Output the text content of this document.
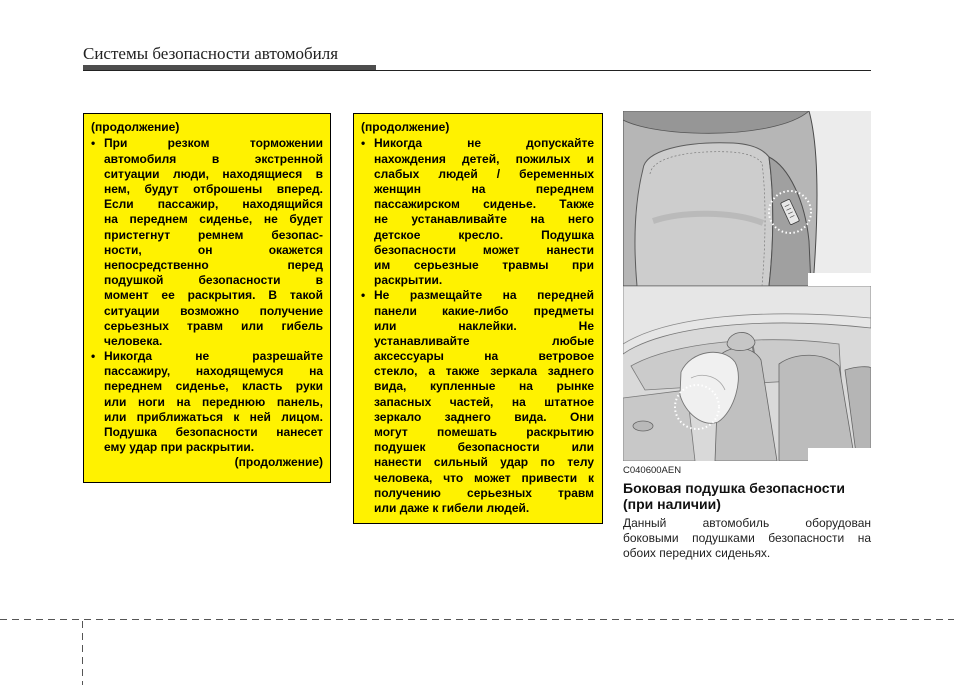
Системы безопасности автомобиля
(продолжение)
• При резком торможении
автомобиля в экстренной
ситуации люди, находящиеся в
нем, будут отброшены вперед.
Если пассажир, находящийся
на переднем сиденье, не будет
пристегнут ремнем безопас-
ности, он окажется
непосредственно перед
подушкой безопасности в
момент ее раскрытия. В такой
ситуации возможно получение
серьезных травм или гибель
человека.
• Никогда не разрешайте
пассажиру, находящемуся на
переднем сиденье, класть руки
или ноги на переднюю панель,
или приближаться к ней лицом.
Подушка безопасности нанесет
ему удар при раскрытии.
(продолжение)
(продолжение)
• Никогда не допускайте
нахождения детей, пожилых и
слабых людей / беременных
женщин на переднем
пассажирском сиденье. Также
не устанавливайте на него
детское кресло. Подушка
безопасности может нанести
им серьезные травмы при
раскрытии.
• Не размещайте на передней
панели какие-либо предметы
или наклейки. Не
устанавливайте любые
аксессуары на ветровое
стекло, а также зеркала заднего
вида, купленные на рынке
запасных частей, на штатное
зеркало заднего вида. Они
могут помешать раскрытию
подушек безопасности или
нанести сильный удар по телу
человека, что может привести к
получению серьезных травм
или даже к гибели людей.
C040600AEN
Боковая подушка безопасности
(при наличии)
Данный автомобиль оборудован
боковыми подушками безопасности на
обоих передних сиденьях.
